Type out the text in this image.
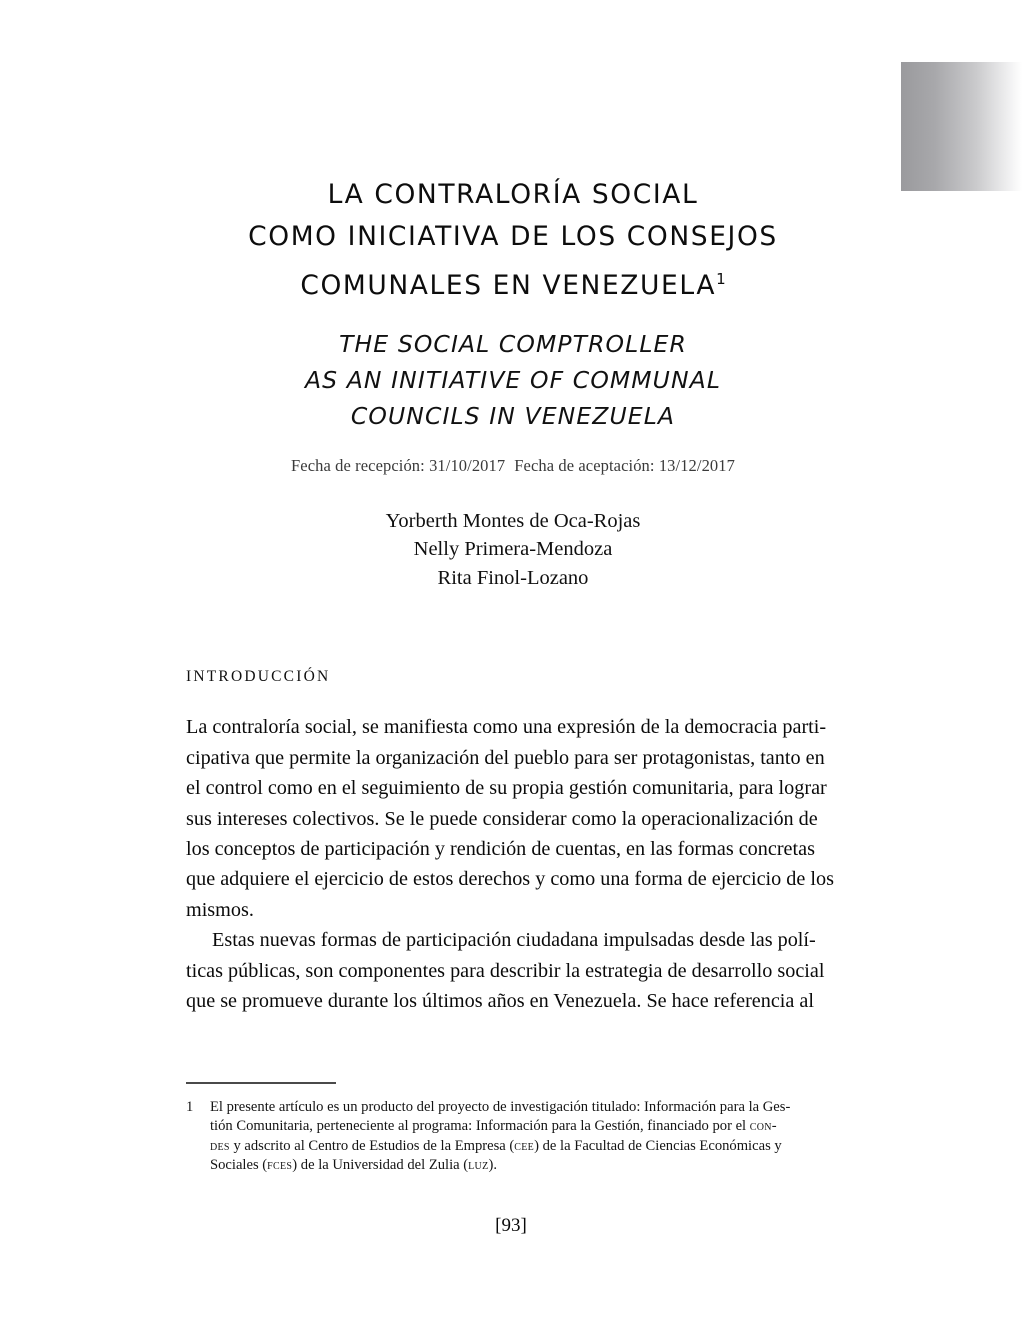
LA CONTRALORÍA SOCIAL
COMO INICIATIVA DE LOS CONSEJOS
COMUNALES EN VENEZUELA$^1$
THE SOCIAL COMPTROLLER
AS AN INITIATIVE OF COMMUNAL
COUNCILS IN VENEZUELA
Fecha de recepción: 31/10/2017 Fecha de aceptación: 13/12/2017
Yorberth Montes de Oca-Rojas
Nelly Primera-Mendoza
Rita Finol-Lozano
INTRODUCCIÓN
La contraloría social, se manifiesta como una expresión de la democracia parti-
cipativa que permite la organización del pueblo para ser protagonistas, tanto en
el control como en el seguimiento de su propia gestión comunitaria, para lograr
sus intereses colectivos. Se le puede considerar como la operacionalización de
los conceptos de participación y rendición de cuentas, en las formas concretas
que adquiere el ejercicio de estos derechos y como una forma de ejercicio de los
mismos.
Estas nuevas formas de participación ciudadana impulsadas desde las polí-
ticas públicas, son componentes para describir la estrategia de desarrollo social
que se promueve durante los últimos años en Venezuela. Se hace referencia al
1 El presente artículo es un producto del proyecto de investigación titulado: Información para la Ges-
tión Comunitaria, perteneciente al programa: Información para la Gestión, financiado por el con-
des y adscrito al Centro de Estudios de la Empresa (cee) de la Facultad de Ciencias Económicas y
Sociales (fces) de la Universidad del Zulia (luz).
[93]
